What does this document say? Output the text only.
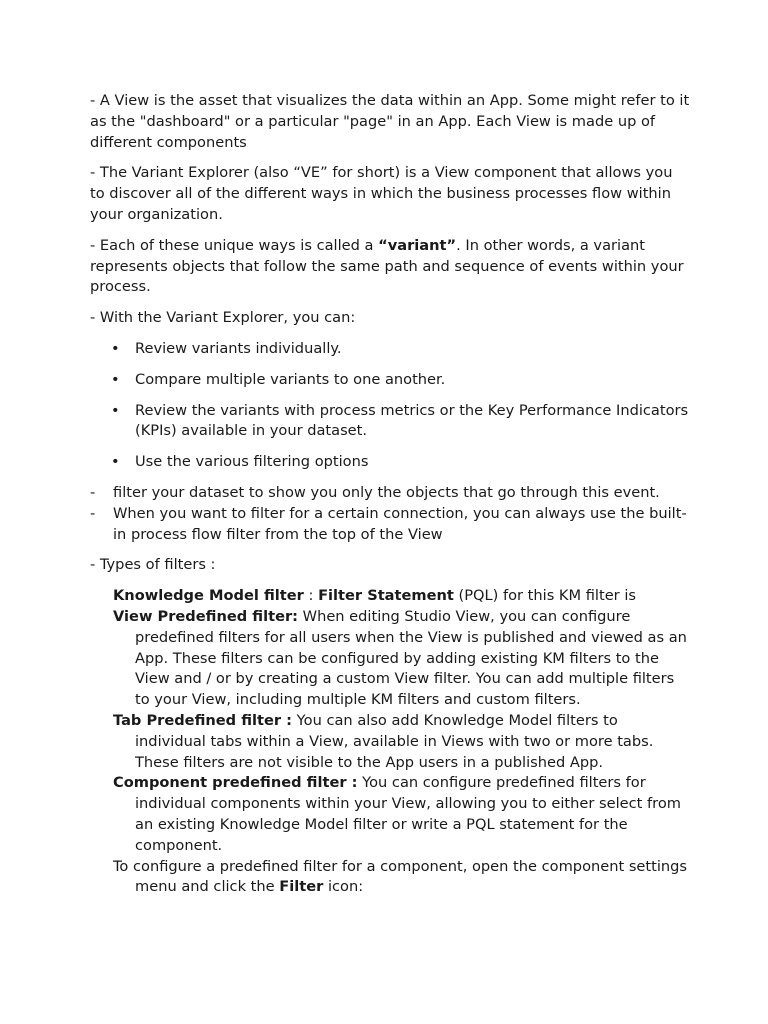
- A View is the asset that visualizes the data within an App. Some might refer to it as the "dashboard" or a particular "page" in an App. Each View is made up of different components

- The Variant Explorer (also “VE” for short) is a View component that allows you to discover all of the different ways in which the business processes flow within your organization.

- Each of these unique ways is called a “variant”. In other words, a variant represents objects that follow the same path and sequence of events within your process.

- With the Variant Explorer, you can:

• Review variants individually.
• Compare multiple variants to one another.
• Review the variants with process metrics or the Key Performance Indicators (KPIs) available in your dataset.
• Use the various filtering options
- filter your dataset to show you only the objects that go through this event.
- When you want to filter for a certain connection, you can always use the built-in process flow filter from the top of the View

- Types of filters :

Knowledge Model filter : Filter Statement (PQL) for this KM filter is

View Predefined filter: When editing Studio View, you can configure predefined filters for all users when the View is published and viewed as an App. These filters can be configured by adding existing KM filters to the View and / or by creating a custom View filter. You can add multiple filters to your View, including multiple KM filters and custom filters.

Tab Predefined filter : You can also add Knowledge Model filters to individual tabs within a View, available in Views with two or more tabs. These filters are not visible to the App users in a published App.

Component predefined filter : You can configure predefined filters for individual components within your View, allowing you to either select from an existing Knowledge Model filter or write a PQL statement for the component.

To configure a predefined filter for a component, open the component settings menu and click the Filter icon:
